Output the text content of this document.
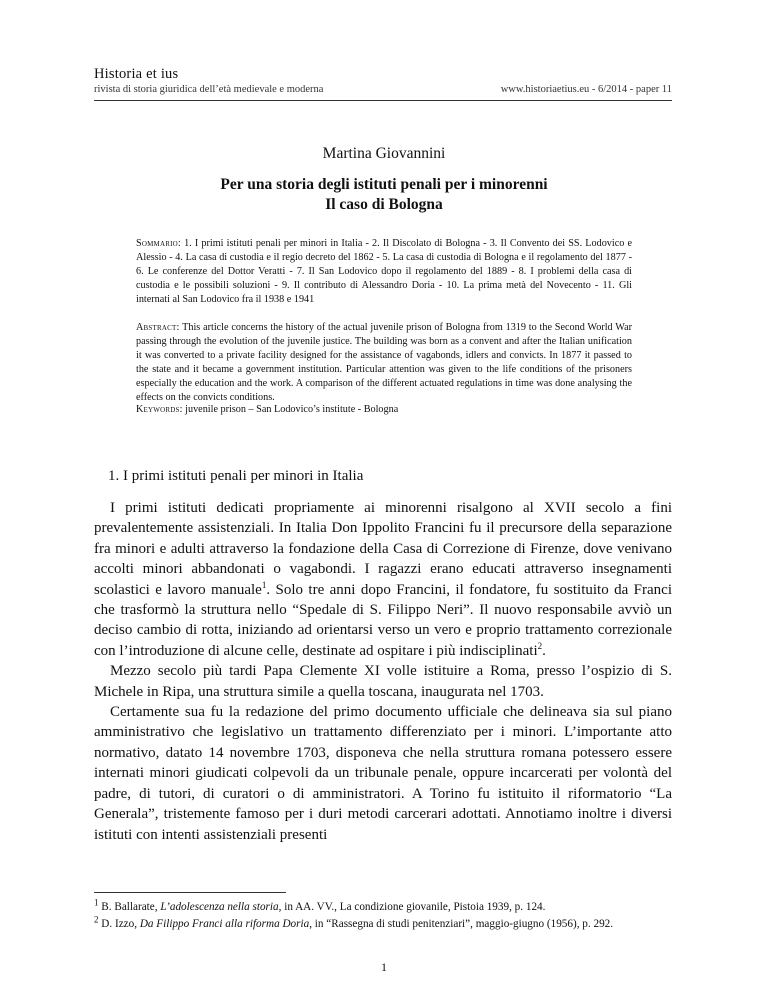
Historia et ius
rivista di storia giuridica dell’età medievale e moderna	www.historiaetius.eu - 6/2014 - paper 11
Martina Giovannini
Per una storia degli istituti penali per i minorenni
Il caso di Bologna
Sommario: 1. I primi istituti penali per minori in Italia - 2. Il Discolato di Bologna - 3. Il Convento dei SS. Lodovico e Alessio - 4. La casa di custodia e il regio decreto del 1862 - 5. La casa di custodia di Bologna e il regolamento del 1877 - 6. Le conferenze del Dottor Veratti - 7. Il San Lodovico dopo il regolamento del 1889 - 8. I problemi della casa di custodia e le possibili soluzioni - 9. Il contributo di Alessandro Doria - 10. La prima metà del Novecento - 11. Gli internati al San Lodovico fra il 1938 e 1941
Abstract: This article concerns the history of the actual juvenile prison of Bologna from 1319 to the Second World War passing through the evolution of the juvenile justice. The building was born as a convent and after the Italian unification it was converted to a private facility designed for the assistance of vagabonds, idlers and convicts. In 1877 it passed to the state and it became a government institution. Particular attention was given to the life conditions of the prisoners especially the education and the work. A comparison of the different actuated regulations in time was done analysing the effects on the convicts conditions.
Keywords: juvenile prison – San Lodovico’s institute - Bologna
1. I primi istituti penali per minori in Italia

I primi istituti dedicati propriamente ai minorenni risalgono al XVII secolo a fini prevalentemente assistenziali. In Italia Don Ippolito Francini fu il precursore della separazione fra minori e adulti attraverso la fondazione della Casa di Correzione di Firenze, dove venivano accolti minori abbandonati o vagabondi. I ragazzi erano educati attraverso insegnamenti scolastici e lavoro manuale$^1$. Solo tre anni dopo Francini, il fondatore, fu sostituito da Franci che trasformò la struttura nello “Spedale di S. Filippo Neri”. Il nuovo responsabile avviò un deciso cambio di rotta, iniziando ad orientarsi verso un vero e proprio trattamento correzionale con l’introduzione di alcune celle, destinate ad ospitare i più indisciplinati$^2$.

Mezzo secolo più tardi Papa Clemente XI volle istituire a Roma, presso l’ospizio di S. Michele in Ripa, una struttura simile a quella toscana, inaugurata nel 1703.

Certamente sua fu la redazione del primo documento ufficiale che delineava sia sul piano amministrativo che legislativo un trattamento differenziato per i minori. L’importante atto normativo, datato 14 novembre 1703, disponeva che nella struttura romana potessero essere internati minori giudicati colpevoli da un tribunale penale, oppure incarcerati per volontà del padre, di tutori, di curatori o di amministratori. A Torino fu istituito il riformatorio “La Generala”, tristemente famoso per i duri metodi carcerari adottati. Annotiamo inoltre i diversi istituti con intenti assistenziali presenti

$^1$ B. Ballarate, L’adolescenza nella storia, in AA. VV., La condizione giovanile, Pistoia 1939, p. 124.

$^2$ D. Izzo, Da Filippo Franci alla riforma Doria, in “Rassegna di studi penitenziari”, maggio-giugno (1956), p. 292.

1
